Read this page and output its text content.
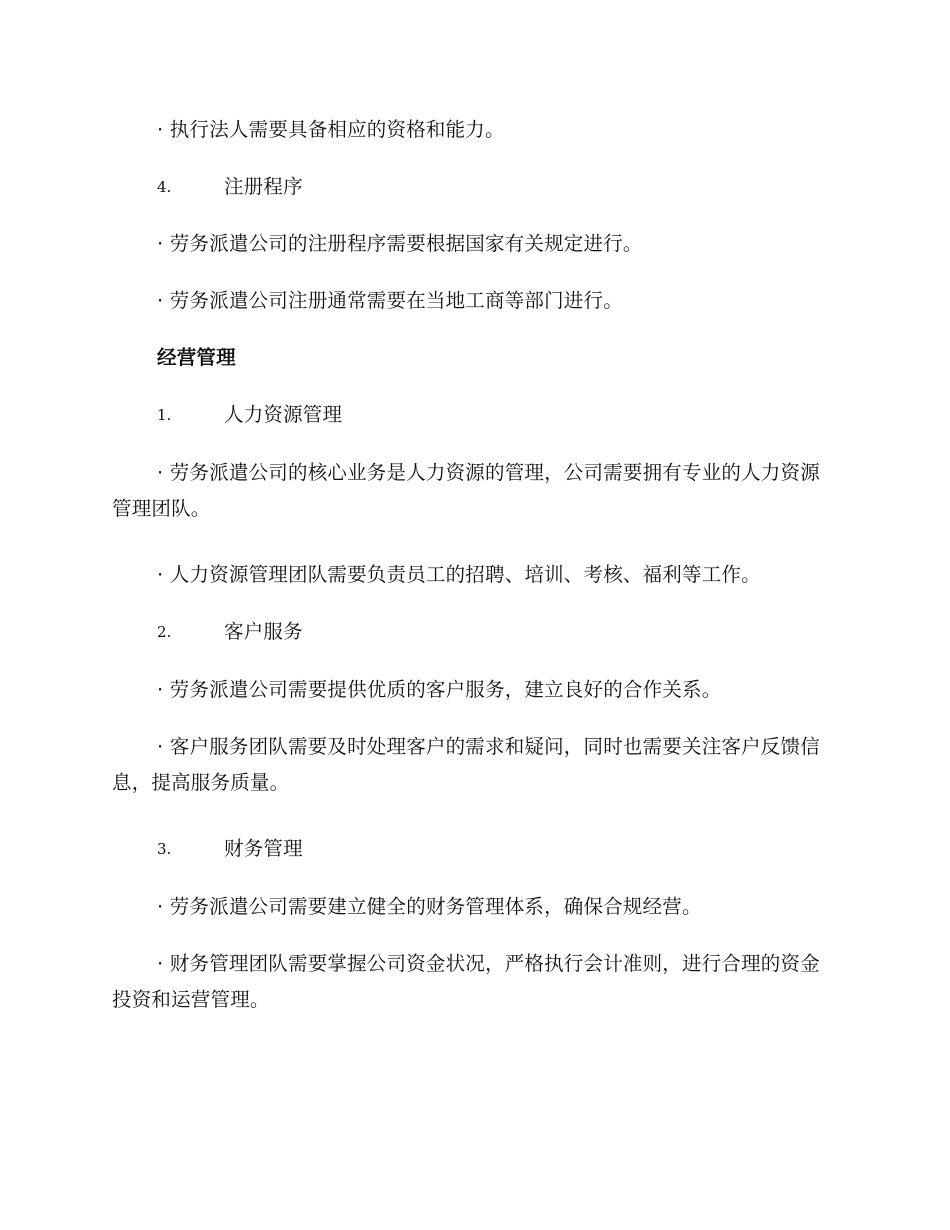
· 执行法人需要具备相应的资格和能力。
4.	注册程序
· 劳务派遣公司的注册程序需要根据国家有关规定进行。
· 劳务派遣公司注册通常需要在当地工商等部门进行。
经营管理
1.	人力资源管理
· 劳务派遣公司的核心业务是人力资源的管理，公司需要拥有专业的人力资源管理团队。
· 人力资源管理团队需要负责员工的招聘、培训、考核、福利等工作。
2.	客户服务
· 劳务派遣公司需要提供优质的客户服务，建立良好的合作关系。
· 客户服务团队需要及时处理客户的需求和疑问，同时也需要关注客户反馈信息，提高服务质量。
3.	财务管理
· 劳务派遣公司需要建立健全的财务管理体系，确保合规经营。
· 财务管理团队需要掌握公司资金状况，严格执行会计准则，进行合理的资金投资和运营管理。
